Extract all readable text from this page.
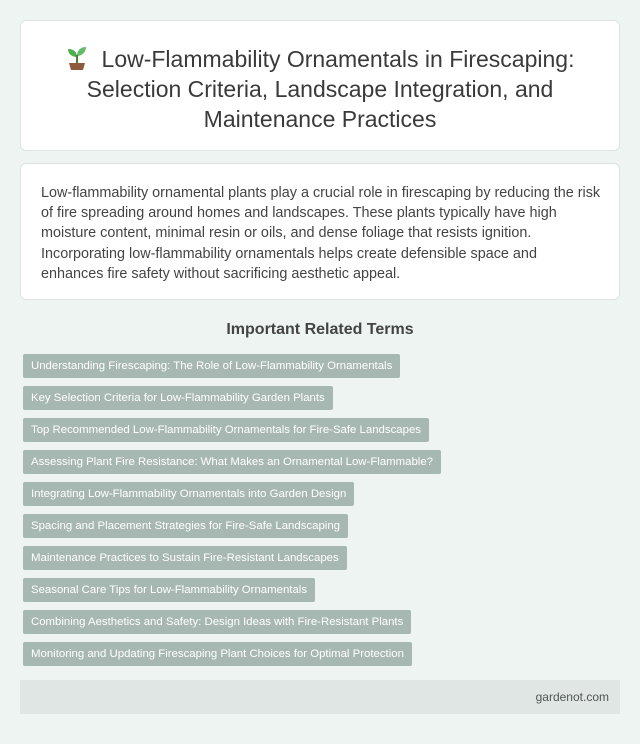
Low-Flammability Ornamentals in Firescaping: Selection Criteria, Landscape Integration, and Maintenance Practices

Low-flammability ornamental plants play a crucial role in firescaping by reducing the risk of fire spreading around homes and landscapes. These plants typically have high moisture content, minimal resin or oils, and dense foliage that resists ignition. Incorporating low-flammability ornamentals helps create defensible space and enhances fire safety without sacrificing aesthetic appeal.

Important Related Terms
Understanding Firescaping: The Role of Low-Flammability Ornamentals
Key Selection Criteria for Low-Flammability Garden Plants
Top Recommended Low-Flammability Ornamentals for Fire-Safe Landscapes
Assessing Plant Fire Resistance: What Makes an Ornamental Low-Flammable?
Integrating Low-Flammability Ornamentals into Garden Design
Spacing and Placement Strategies for Fire-Safe Landscaping
Maintenance Practices to Sustain Fire-Resistant Landscapes
Seasonal Care Tips for Low-Flammability Ornamentals
Combining Aesthetics and Safety: Design Ideas with Fire-Resistant Plants
Monitoring and Updating Firescaping Plant Choices for Optimal Protection
gardenot.com
